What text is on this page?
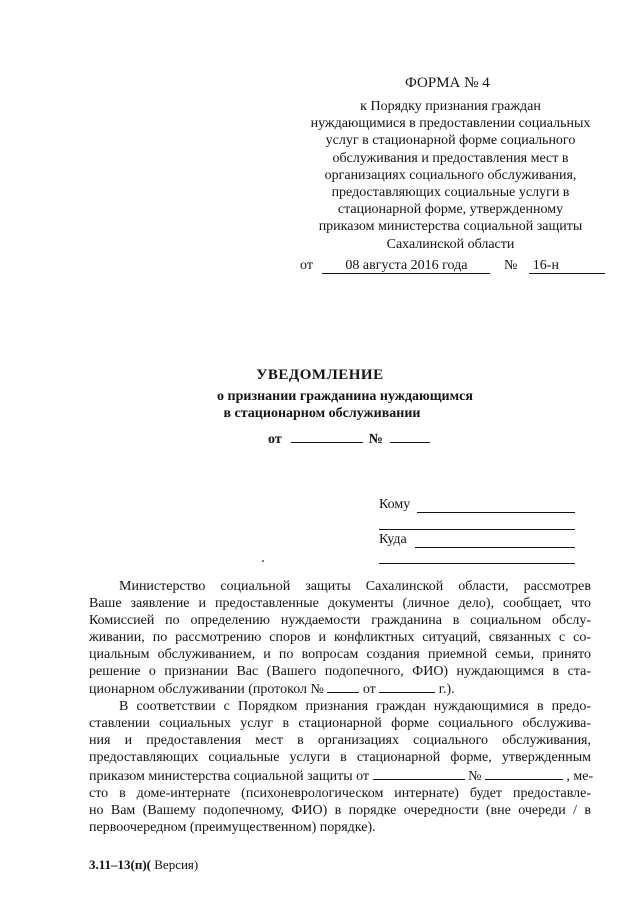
ФОРМА № 4
к Порядку признания граждан
нуждающимися в предоставлении социальных
услуг в стационарной форме социального
обслуживания и предоставления мест в
организациях социального обслуживания,
предоставляющих социальные услуги в
стационарной форме, утвержденному
приказом министерства социальной защиты
Сахалинской области
от 08 августа 2016 года	№ 16-н
УВЕДОМЛЕНИЕ
о признании гражданина нуждающимся
в стационарном обслуживании
от	№
Кому
Куда

Министерство социальной защиты Сахалинской области, рассмотрев
Ваше заявление и предоставленные документы (личное дело), сообщает, что
Комиссией по определению нуждаемости гражданина в социальном обслу-
живании, по рассмотрению споров и конфликтных ситуаций, связанных с со-
циальным обслуживанием, и по вопросам создания приемной семьи, принято
решение о признании Вас (Вашего подопечного, ФИО) нуждающимся в ста-
ционарном обслуживании (протокол №	от	г.).

В соответствии с Порядком признания граждан нуждающимися в предо-
ставлении социальных услуг в стационарной форме социального обслужива-
ния и предоставления мест в организациях социального обслуживания,
предоставляющих социальные услуги в стационарной форме, утвержденным
приказом министерства социальной защиты от	№	, ме-
сто в доме-интернате (психоневрологическом интернате) будет предоставле-
но Вам (Вашему подопечному, ФИО) в порядке очередности (вне очереди / в
первоочередном (преимущественном) порядке).

3.11–13(п)( Версия)
